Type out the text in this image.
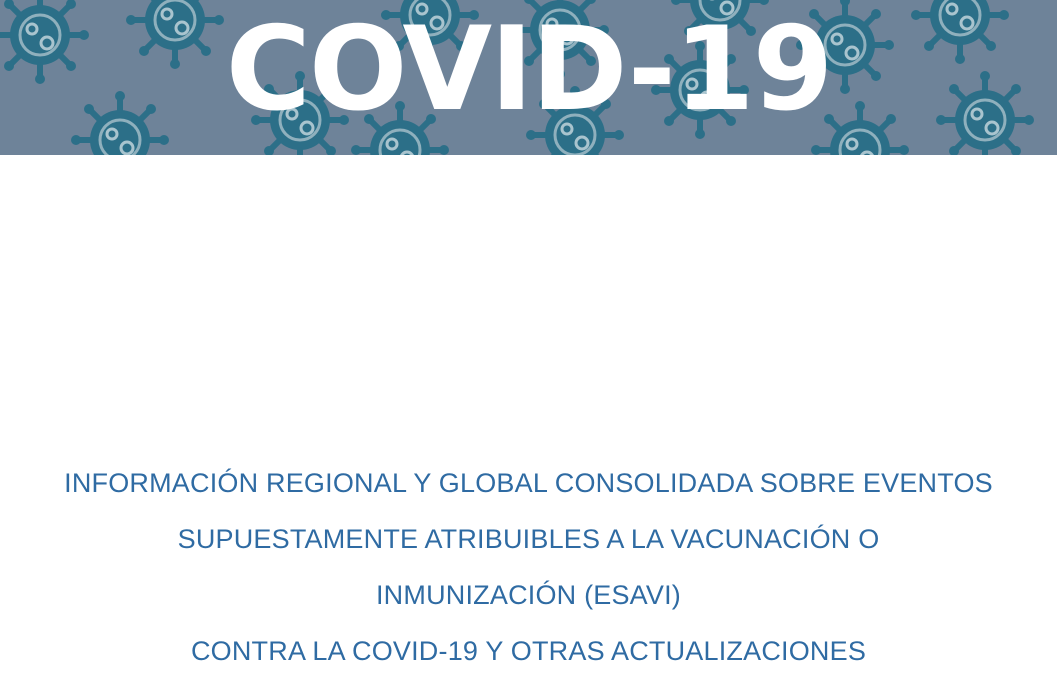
COVID-19
INFORMACIÓN REGIONAL Y GLOBAL CONSOLIDADA SOBRE EVENTOS
SUPUESTAMENTE ATRIBUIBLES A LA VACUNACIÓN O
INMUNIZACIÓN (ESAVI)
CONTRA LA COVID-19 Y OTRAS ACTUALIZACIONES
